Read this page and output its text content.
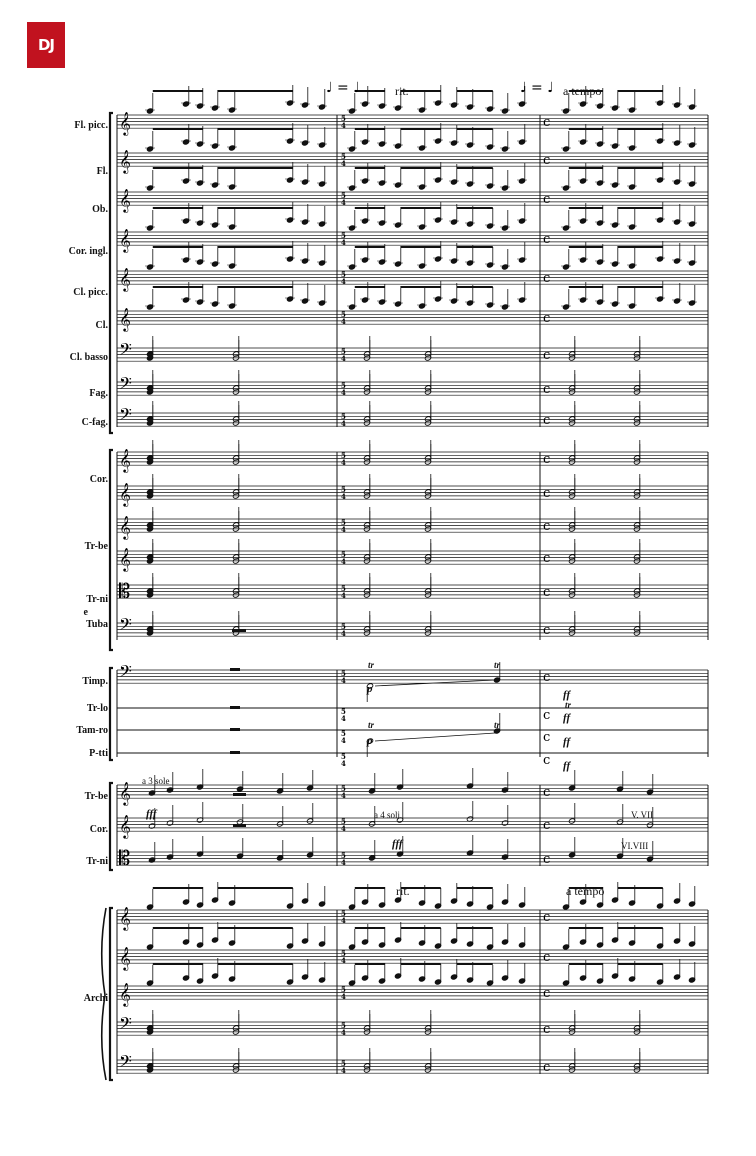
DJ
𝄞
𝄞
𝄞
𝄞
𝄞
𝄞
𝄢
𝄢
𝄢
𝄞
𝄞
𝄞
𝄞
𝄡
𝄢
𝄢
𝄞
𝄞
𝄡
𝄞
𝄞
𝄞
𝄢
𝄢
5
4	c
5
4	c
5
4	c
5
4	c
5
4	c
5
4	c
5
4	c
5
4	c
5
4	c
5
4	c
5
4	c
5
4	c
5
4	c
5
4	c
5
4	c
5
4	c
5
4	c
5
4	c
5
4	c
5
4	c
5
4	c
5
4	c
5
4	c
5
4	c
5
4	c
5
4	c
5
4	c
♩ = ♩	♩ = ♩
Fl. picc.
Fl.
Ob.
Cor. ingl.
Cl. picc.
Cl.
Cl. basso
Fag.
C-fag.
Cor.
Tr-be
Tr-ni
e
Tuba
Timp.
Tr-lo
Tam-ro
P-tti
Tr-be
Cor.
Tr-ni
Archi
rit.	a tempo
rit.	a tempo
a 3 sole
a 4 soli	V. VII
VI.VIII
fff
fff
ff
ff
ff
ff
p
p
tr	tr
tr	tr
tr
